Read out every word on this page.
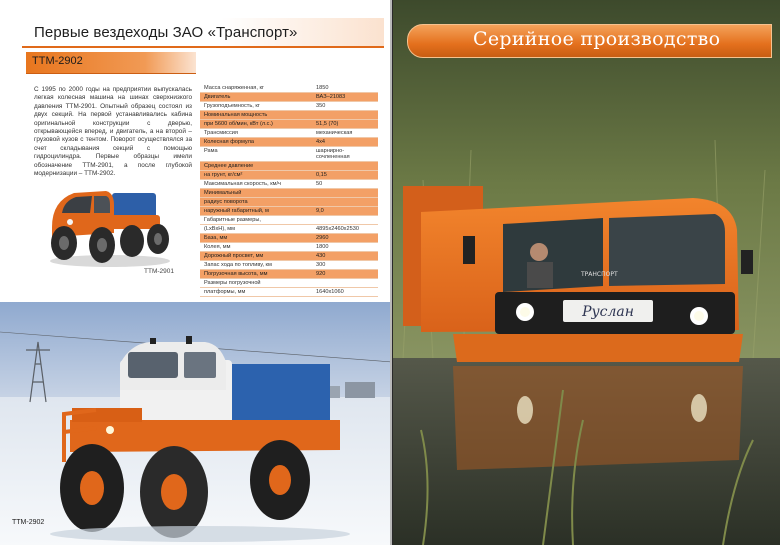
Первые вездеходы ЗАО «Транспорт»
ТТМ-2902
С 1995 по 2000 годы на предприятии выпускалась легкая колесная машина на шинах сверхнизкого давления ТТМ-2901. Опытный образец состоял из двух секций. На первой устанавливались кабина оригинальной конструкции с дверью, открывающейся вперед, и двигатель, а на второй – грузовой кузов с тентом. Поворот осуществлялся за счет складывания секций с помощью гидроцилиндра. Первые образцы имели обозначение ТТМ-2901, а после глубокой модернизации – ТТМ-2902.
Масса снаряженная, кг	1850
Двигатель	ВАЗ–21083
Грузоподъемность, кг	350
Номинальная мощность	
при 5600 об/мин, кВт (л.с.)	51,5 (70)
Трансмиссия	механическая
Колесная формула	4х4
Рама	шарнирно-сочлененная
Среднее давление	
на грунт, кг/см²	0,15
Максимальная скорость, км/ч	50
Минимальный	
радиус поворота	
наружный габаритный, м	9,0
Габаритные размеры,	
(LхBхH), мм	4895х2460х2530
База, мм	2960
Колея, мм	1800
Дорожный просвет, мм	430
Запас хода по топливу, км	300
Погрузочная высота, мм	920
Размеры погрузочной	
платформы, мм	1640х1060
ТТМ-2901
ТТМ-2902
Руслан
ТРАНСПОРТ
Серийное производство
